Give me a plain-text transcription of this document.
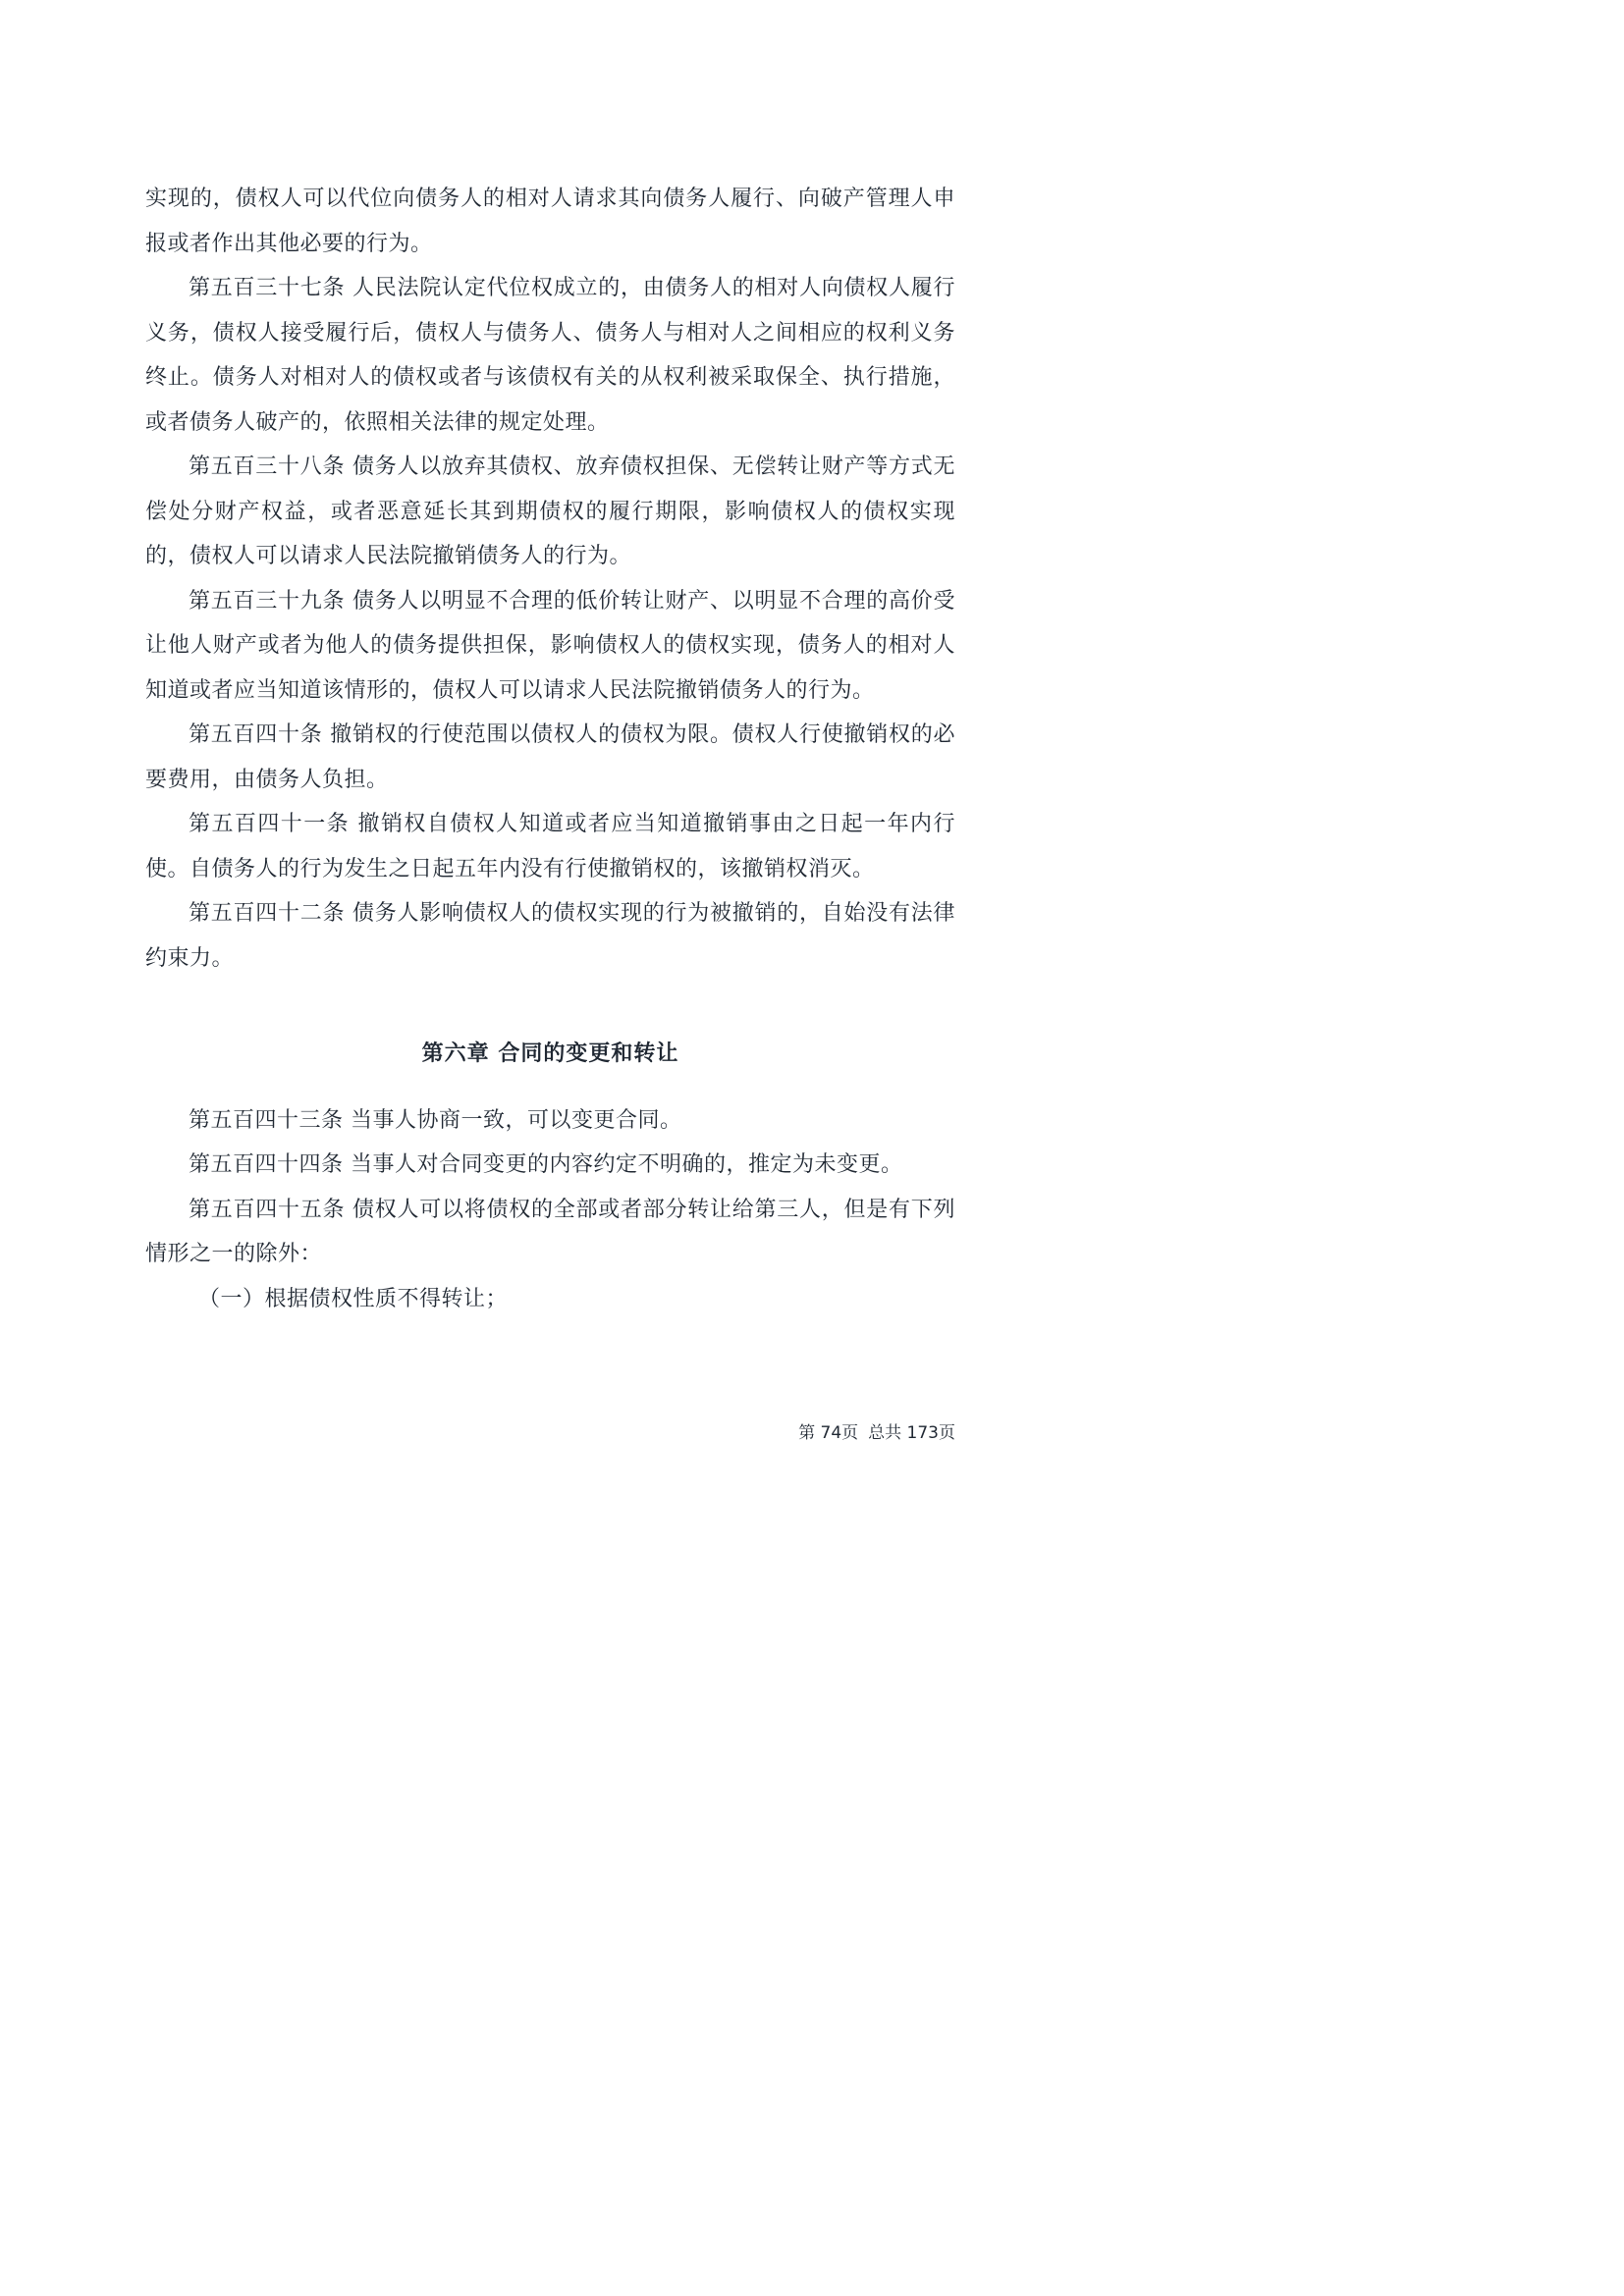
实现的，债权人可以代位向债务人的相对人请求其向债务人履行、向破产管理人申报或者作出其他必要的行为。

第五百三十七条 人民法院认定代位权成立的，由债务人的相对人向债权人履行义务，债权人接受履行后，债权人与债务人、债务人与相对人之间相应的权利义务终止。债务人对相对人的债权或者与该债权有关的从权利被采取保全、执行措施，或者债务人破产的，依照相关法律的规定处理。

第五百三十八条 债务人以放弃其债权、放弃债权担保、无偿转让财产等方式无偿处分财产权益，或者恶意延长其到期债权的履行期限，影响债权人的债权实现的，债权人可以请求人民法院撤销债务人的行为。

第五百三十九条 债务人以明显不合理的低价转让财产、以明显不合理的高价受让他人财产或者为他人的债务提供担保，影响债权人的债权实现，债务人的相对人知道或者应当知道该情形的，债权人可以请求人民法院撤销债务人的行为。

第五百四十条 撤销权的行使范围以债权人的债权为限。债权人行使撤销权的必要费用，由债务人负担。

第五百四十一条 撤销权自债权人知道或者应当知道撤销事由之日起一年内行使。自债务人的行为发生之日起五年内没有行使撤销权的，该撤销权消灭。

第五百四十二条 债务人影响债权人的债权实现的行为被撤销的，自始没有法律约束力。

第六章 合同的变更和转让

第五百四十三条 当事人协商一致，可以变更合同。

第五百四十四条 当事人对合同变更的内容约定不明确的，推定为未变更。

第五百四十五条 债权人可以将债权的全部或者部分转让给第三人，但是有下列情形之一的除外：

（一）根据债权性质不得转让；

第 74页 总共 173页
